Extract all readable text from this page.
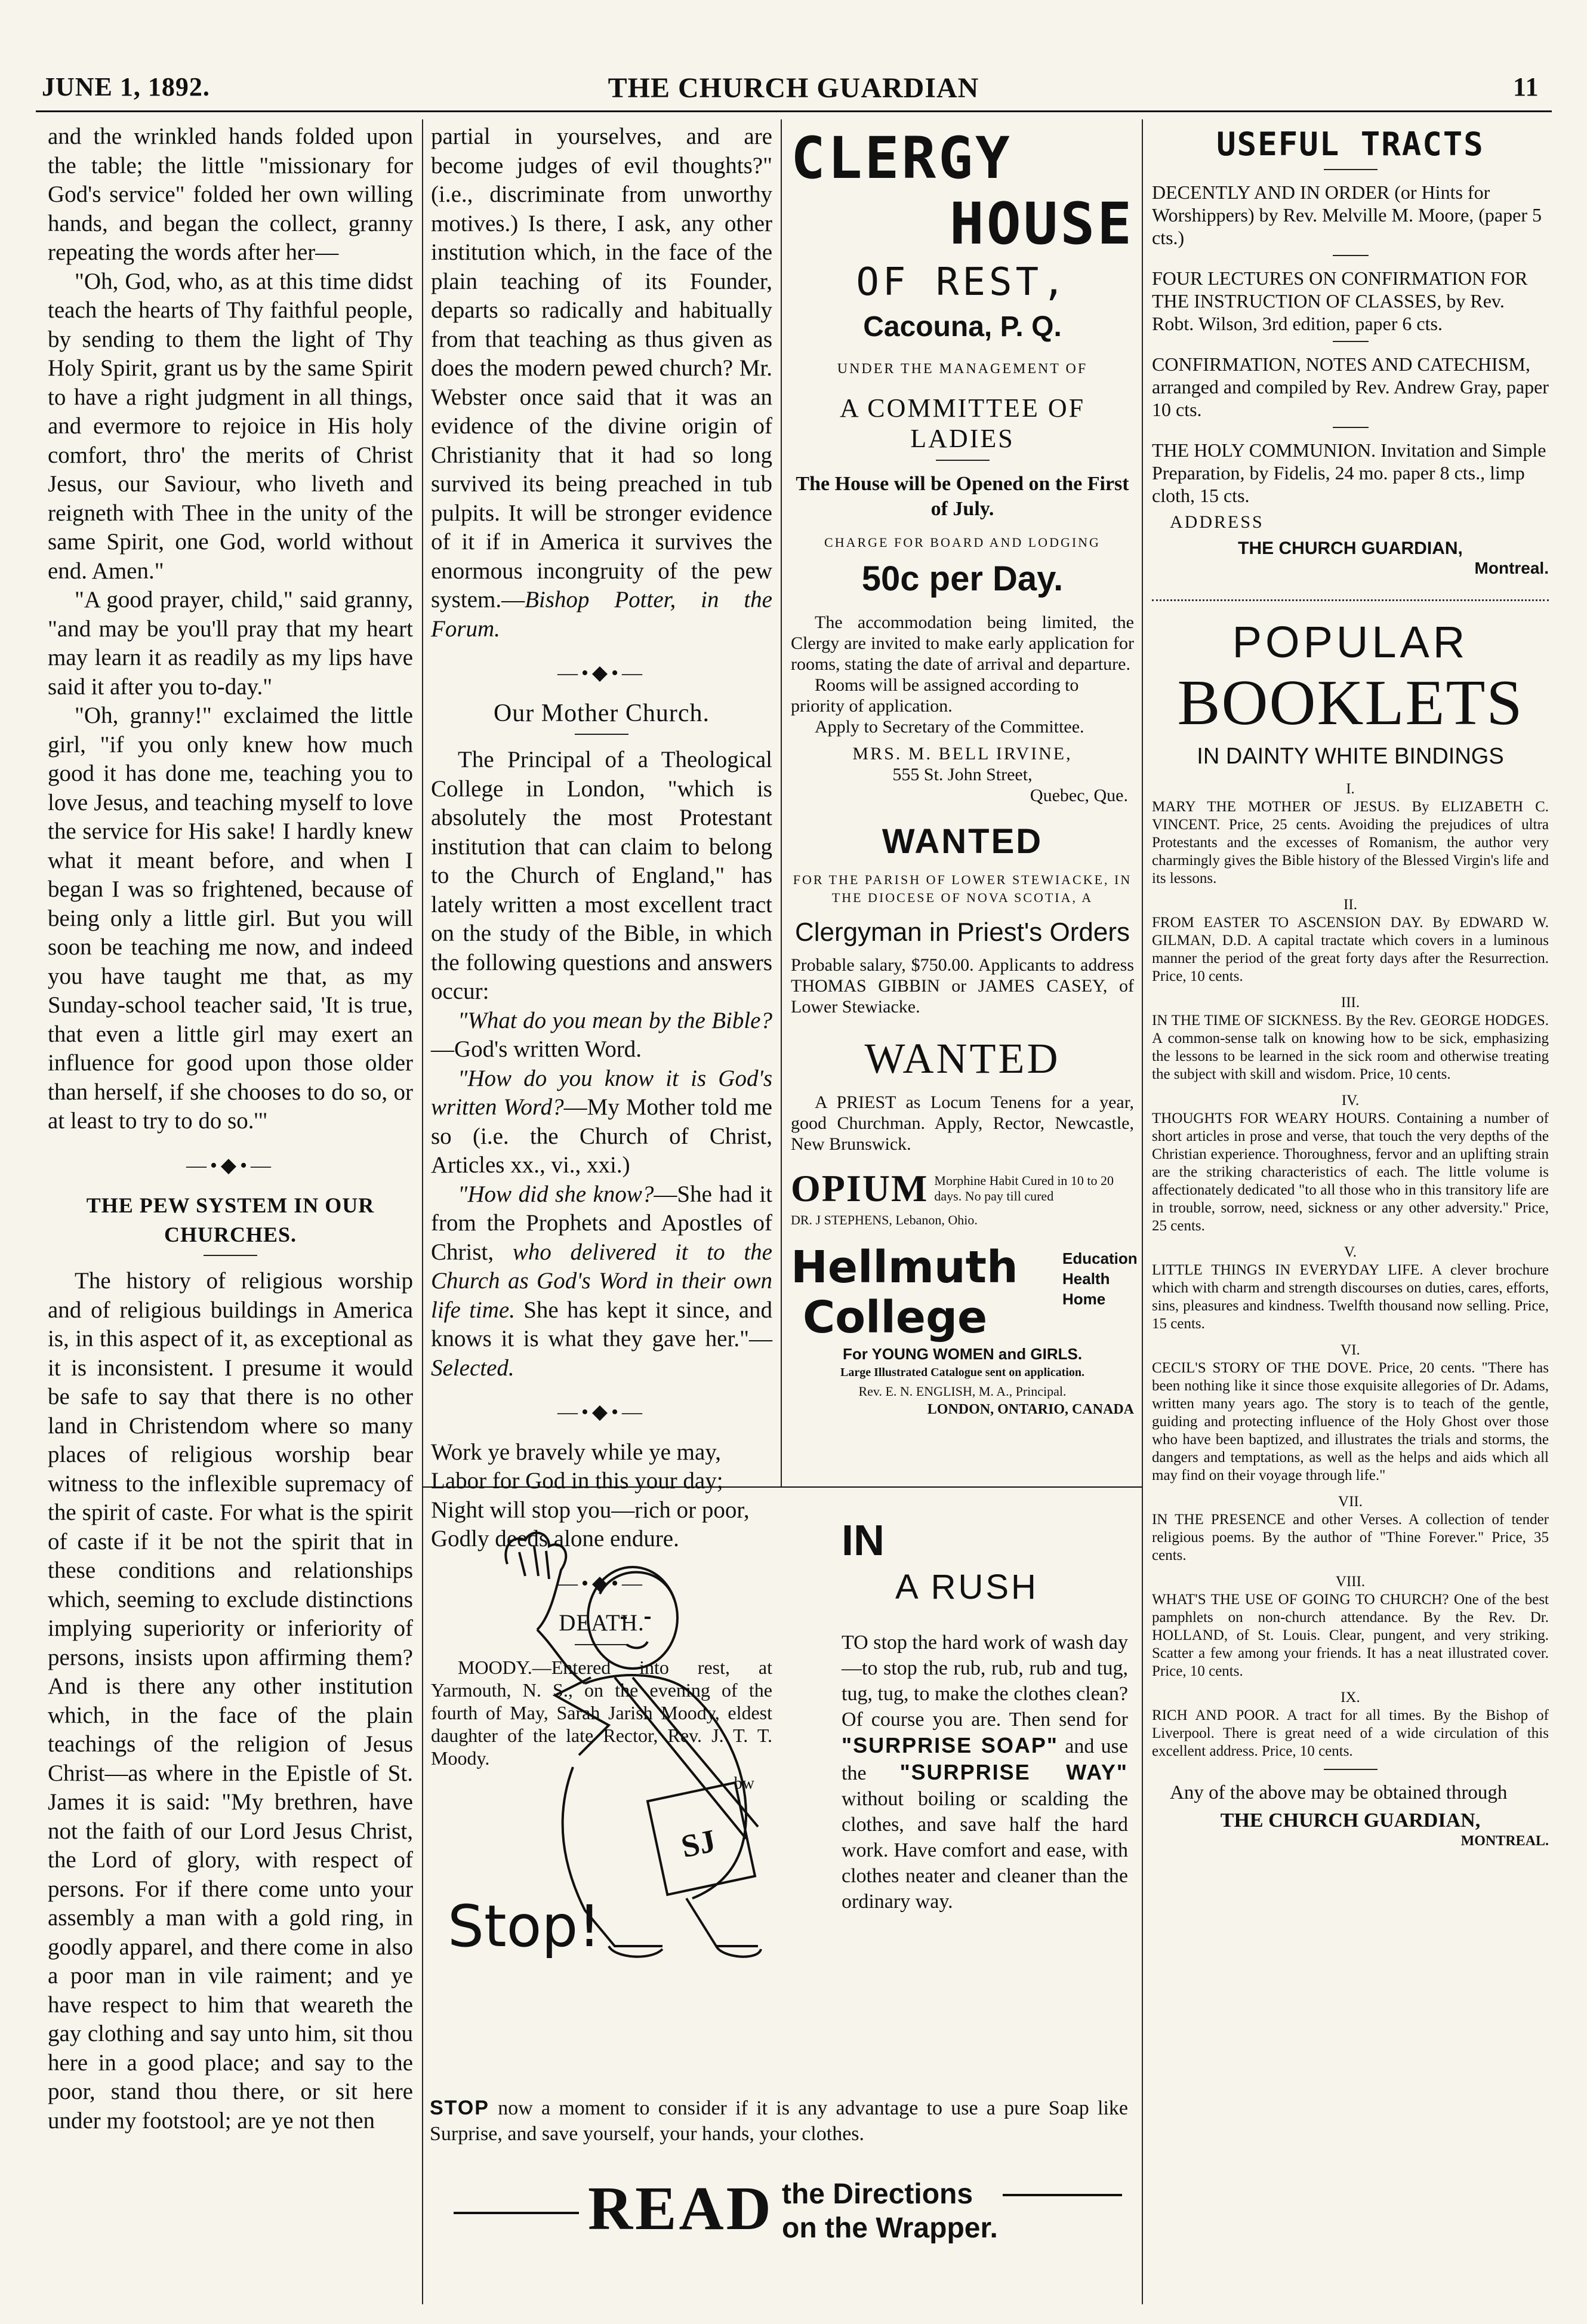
JUNE 1, 1892.	THE CHURCH GUARDIAN	11

and the wrinkled hands folded upon the table; the little "missionary for God's service" folded her own willing hands, and began the collect, granny repeating the words after her—

"Oh, God, who, as at this time didst teach the hearts of Thy faithful people, by sending to them the light of Thy Holy Spirit, grant us by the same Spirit to have a right judgment in all things, and evermore to rejoice in His holy comfort, thro' the merits of Christ Jesus, our Saviour, who liveth and reigneth with Thee in the unity of the same Spirit, one God, world without end. Amen."

"A good prayer, child," said granny, "and may be you'll pray that my heart may learn it as readily as my lips have said it after you to-day."

"Oh, granny!" exclaimed the little girl, "if you only knew how much good it has done me, teaching you to love Jesus, and teaching myself to love the service for His sake! I hardly knew what it meant before, and when I began I was so frightened, because of being only a little girl. But you will soon be teaching me now, and indeed you have taught me that, as my Sunday-school teacher said, 'It is true, that even a little girl may exert an influence for good upon those older than herself, if she chooses to do so, or at least to try to do so.'"

—•◆•—
THE PEW SYSTEM IN OUR CHURCHES.

The history of religious worship and of religious buildings in America is, in this aspect of it, as exceptional as it is inconsistent. I presume it would be safe to say that there is no other land in Christendom where so many places of religious worship bear witness to the inflexible supremacy of the spirit of caste. For what is the spirit of caste if it be not the spirit that in these conditions and relationships which, seeming to exclude distinctions implying superiority or inferiority of persons, insists upon affirming them? And is there any other institution which, in the face of the plain teachings of the religion of Jesus Christ—as where in the Epistle of St. James it is said: "My brethren, have not the faith of our Lord Jesus Christ, the Lord of glory, with respect of persons. For if there come unto your assembly a man with a gold ring, in goodly apparel, and there come in also a poor man in vile raiment; and ye have respect to him that weareth the gay clothing and say unto him, sit thou here in a good place; and say to the poor, stand thou there, or sit here under my footstool; are ye not then

partial in yourselves, and are become judges of evil thoughts?" (i.e., discriminate from unworthy motives.) Is there, I ask, any other institution which, in the face of the plain teaching of its Founder, departs so radically and habitually from that teaching as thus given as does the modern pewed church? Mr. Webster once said that it was an evidence of the divine origin of Christianity that it had so long survived its being preached in tub pulpits. It will be stronger evidence of it if in America it survives the enormous incongruity of the pew system.—Bishop Potter, in the Forum.

—•◆•—
Our Mother Church.

The Principal of a Theological College in London, "which is absolutely the most Protestant institution that can claim to belong to the Church of England," has lately written a most excellent tract on the study of the Bible, in which the following questions and answers occur:

"What do you mean by the Bible?—God's written Word.

"How do you know it is God's written Word?—My Mother told me so (i.e. the Church of Christ, Articles xx., vi., xxi.)

"How did she know?—She had it from the Prophets and Apostles of Christ, who delivered it to the Church as God's Word in their own life time. She has kept it since, and knows it is what they gave her."—Selected.

—•◆•—
Work ye bravely while ye may,
Labor for God in this your day;
Night will stop you—rich or poor,
Godly deeds alone endure.
—•◆•—
DEATH.

MOODY.—Entered into rest, at Yarmouth, N. S., on the evening of the fourth of May, Sarah Jarish Moody, eldest daughter of the late Rector, Rev. J. T. T. Moody.

bw
CLERGY
HOUSE
OF REST,
Cacouna, P. Q.
UNDER THE MANAGEMENT OF
A COMMITTEE OF LADIES
The House will be Opened on the First of July.
CHARGE FOR BOARD AND LODGING
50c per Day.

The accommodation being limited, the Clergy are invited to make early application for rooms, stating the date of arrival and departure.

Rooms will be assigned according to priority of application.

Apply to Secretary of the Committee.

MRS. M. BELL IRVINE,
555 St. John Street,
Quebec, Que.
WANTED
FOR THE PARISH OF LOWER STEWIACKE, IN THE DIOCESE OF NOVA SCOTIA, A
Clergyman in Priest's Orders

Probable salary, $750.00. Applicants to address THOMAS GIBBIN or JAMES CASEY, of Lower Stewiacke.

WANTED

A PRIEST as Locum Tenens for a year, good Churchman. Apply, Rector, Newcastle, New Brunswick.

OPIUM Morphine Habit Cured in 10 to 20 days. No pay till cured
DR. J STEPHENS, Lebanon, Ohio.
Hellmuth
College
Education
Health
Home
For YOUNG WOMEN and GIRLS.
Large Illustrated Catalogue sent on application.
Rev. E. N. ENGLISH, M. A., Principal.
LONDON, ONTARIO, CANADA
SJ
Stop!
IN
A RUSH
TO stop the hard work of wash day—to stop the rub, rub, rub and tug, tug, tug, to make the clothes clean? Of course you are. Then send for "SURPRISE SOAP" and use the "SURPRISE WAY" without boiling or scalding the clothes, and save half the hard work. Have comfort and ease, with clothes neater and cleaner than the ordinary way.
STOP now a moment to consider if it is any advantage to use a pure Soap like Surprise, and save yourself, your hands, your clothes.
READ the Directions
on the Wrapper.
USEFUL TRACTS

DECENTLY AND IN ORDER (or Hints for Worshippers) by Rev. Melville M. Moore, (paper 5 cts.)

FOUR LECTURES ON CONFIRMATION FOR THE INSTRUCTION OF CLASSES, by Rev. Robt. Wilson, 3rd edition, paper 6 cts.

CONFIRMATION, NOTES AND CATECHISM, arranged and compiled by Rev. Andrew Gray, paper 10 cts.

THE HOLY COMMUNION. Invitation and Simple Preparation, by Fidelis, 24 mo. paper 8 cts., limp cloth, 15 cts.

ADDRESS
THE CHURCH GUARDIAN,
Montreal.
POPULAR
BOOKLETS
IN DAINTY WHITE BINDINGS
I.

MARY THE MOTHER OF JESUS. By ELIZABETH C. VINCENT. Price, 25 cents. Avoiding the prejudices of ultra Protestants and the excesses of Romanism, the author very charmingly gives the Bible history of the Blessed Virgin's life and its lessons.

II.

FROM EASTER TO ASCENSION DAY. By EDWARD W. GILMAN, D.D. A capital tractate which covers in a luminous manner the period of the great forty days after the Resurrection. Price, 10 cents.

III.

IN THE TIME OF SICKNESS. By the Rev. GEORGE HODGES. A common-sense talk on knowing how to be sick, emphasizing the lessons to be learned in the sick room and otherwise treating the subject with skill and wisdom. Price, 10 cents.

IV.

THOUGHTS FOR WEARY HOURS. Containing a number of short articles in prose and verse, that touch the very depths of the Christian experience. Thoroughness, fervor and an uplifting strain are the striking characteristics of each. The little volume is affectionately dedicated "to all those who in this transitory life are in trouble, sorrow, need, sickness or any other adversity." Price, 25 cents.

V.

LITTLE THINGS IN EVERYDAY LIFE. A clever brochure which with charm and strength discourses on duties, cares, efforts, sins, pleasures and kindness. Twelfth thousand now selling. Price, 15 cents.

VI.

CECIL'S STORY OF THE DOVE. Price, 20 cents. "There has been nothing like it since those exquisite allegories of Dr. Adams, written many years ago. The story is to teach of the gentle, guiding and protecting influence of the Holy Ghost over those who have been baptized, and illustrates the trials and storms, the dangers and temptations, as well as the helps and aids which all may find on their voyage through life."

VII.

IN THE PRESENCE and other Verses. A collection of tender religious poems. By the author of "Thine Forever." Price, 35 cents.

VIII.

WHAT'S THE USE OF GOING TO CHURCH? One of the best pamphlets on non-church attendance. By the Rev. Dr. HOLLAND, of St. Louis. Clear, pungent, and very striking. Scatter a few among your friends. It has a neat illustrated cover. Price, 10 cents.

IX.

RICH AND POOR. A tract for all times. By the Bishop of Liverpool. There is great need of a wide circulation of this excellent address. Price, 10 cents.

Any of the above may be obtained through

THE CHURCH GUARDIAN,
MONTREAL.
